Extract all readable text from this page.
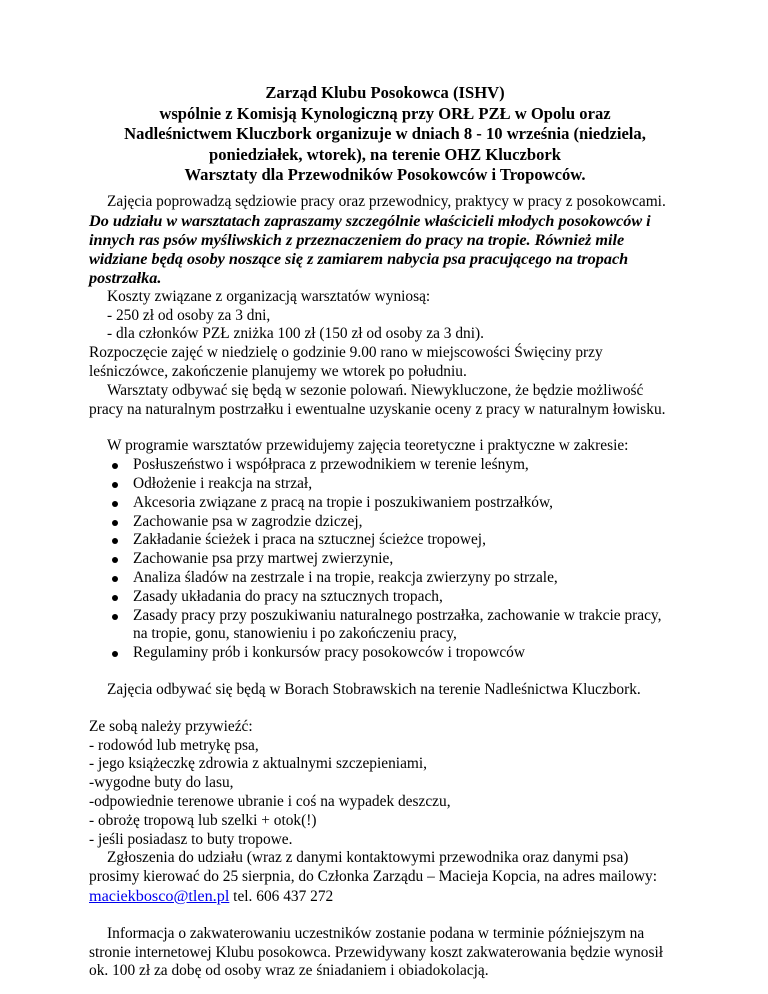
Zarząd Klubu Posokowca (ISHV)
wspólnie z Komisją Kynologiczną przy ORŁ PZŁ w Opolu oraz
Nadleśnictwem Kluczbork organizuje w dniach 8 - 10 września (niedziela,
poniedziałek, wtorek), na terenie OHZ Kluczbork
Warsztaty dla Przewodników Posokowców i Tropowców.
Zajęcia poprowadzą sędziowie pracy oraz przewodnicy, praktycy w pracy z posokowcami.
Do udziału w warsztatach zapraszamy szczególnie właścicieli młodych posokowców i
innych ras psów myśliwskich z przeznaczeniem do pracy na tropie. Również mile
widziane będą osoby noszące się z zamiarem nabycia psa pracującego na tropach
postrzałka.
Koszty związane z organizacją warsztatów wyniosą:
- 250 zł od osoby za 3 dni,
- dla członków PZŁ zniżka 100 zł (150 zł od osoby za 3 dni).
Rozpoczęcie zajęć w niedzielę o godzinie 9.00 rano w miejscowości Święciny przy
leśniczówce, zakończenie planujemy we wtorek po południu.
Warsztaty odbywać się będą w sezonie polowań. Niewykluczone, że będzie możliwość
pracy na naturalnym postrzałku i ewentualne uzyskanie oceny z pracy w naturalnym łowisku.
W programie warsztatów przewidujemy zajęcia teoretyczne i praktyczne w zakresie:
Posłuszeństwo i współpraca z przewodnikiem w terenie leśnym,
Odłożenie i reakcja na strzał,
Akcesoria związane z pracą na tropie i poszukiwaniem postrzałków,
Zachowanie psa w zagrodzie dziczej,
Zakładanie ścieżek i praca na sztucznej ścieżce tropowej,
Zachowanie psa przy martwej zwierzynie,
Analiza śladów na zestrzale i na tropie, reakcja zwierzyny po strzale,
Zasady układania do pracy na sztucznych tropach,
Zasady pracy przy poszukiwaniu naturalnego postrzałka, zachowanie w trakcie pracy,
na tropie, gonu, stanowieniu i po zakończeniu pracy,
Regulaminy prób i konkursów pracy posokowców i tropowców
Zajęcia odbywać się będą w Borach Stobrawskich na terenie Nadleśnictwa Kluczbork.
Ze sobą należy przywieźć:
- rodowód lub metrykę psa,
- jego książeczkę zdrowia z aktualnymi szczepieniami,
-wygodne buty do lasu,
-odpowiednie terenowe ubranie i coś na wypadek deszczu,
- obrożę tropową lub szelki + otok(!)
- jeśli posiadasz to buty tropowe.
Zgłoszenia do udziału (wraz z danymi kontaktowymi przewodnika oraz danymi psa)
prosimy kierować do 25 sierpnia, do Członka Zarządu – Macieja Kopcia, na adres mailowy:
maciekbosco@tlen.pl tel. 606 437 272
Informacja o zakwaterowaniu uczestników zostanie podana w terminie późniejszym na
stronie internetowej Klubu posokowca. Przewidywany koszt zakwaterowania będzie wynosił
ok. 100 zł za dobę od osoby wraz ze śniadaniem i obiadokolacją.
